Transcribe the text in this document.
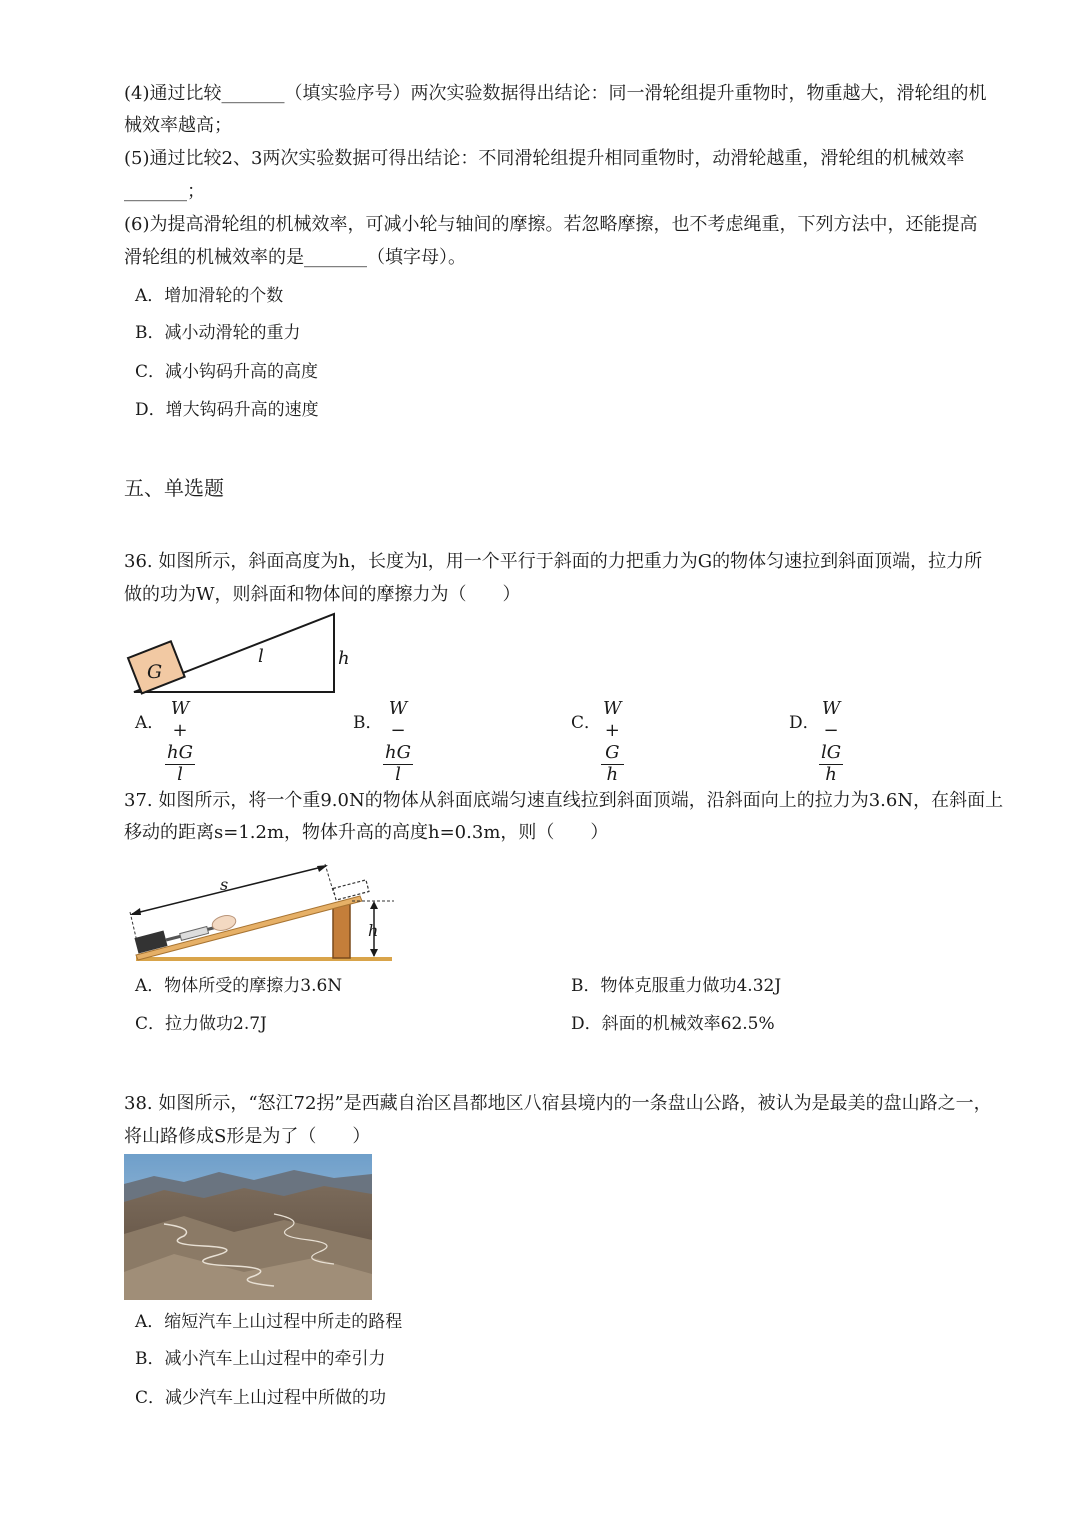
(4)通过比较_______（填实验序号）两次实验数据得出结论：同一滑轮组提升重物时，物重越大，滑轮组的机
械效率越高；
(5)通过比较2、3两次实验数据可得出结论：不同滑轮组提升相同重物时，动滑轮越重，滑轮组的机械效率
_______；
(6)为提高滑轮组的机械效率，可减小轮与轴间的摩擦。若忽略摩擦，也不考虑绳重，下列方法中，还能提高
滑轮组的机械效率的是_______（填字母）。
A．增加滑轮的个数
B．减小动滑轮的重力
C．减小钩码升高的高度
D．增大钩码升高的速度
五、单选题
36. 如图所示，斜面高度为h，长度为l，用一个平行于斜面的力把重力为G的物体匀速拉到斜面顶端，拉力所
做的功为W，则斜面和物体间的摩擦力为（　　）
G
l	h
A． $\frac{W + hG}{l}$	B． $\frac{W - hG}{l}$	C． $\frac{W + G}{h}$	D． $\frac{W - lG}{h}$
37. 如图所示，将一个重9.0N的物体从斜面底端匀速直线拉到斜面顶端，沿斜面向上的拉力为3.6N，在斜面上
移动的距离s=1.2m，物体升高的高度h=0.3m，则（　　）
s
h
A．物体所受的摩擦力3.6N	B．物体克服重力做功4.32J
C．拉力做功2.7J	D．斜面的机械效率62.5%
38. 如图所示，“怒江72拐”是西藏自治区昌都地区八宿县境内的一条盘山公路，被认为是最美的盘山路之一，
将山路修成S形是为了（　　）
A．缩短汽车上山过程中所走的路程
B．减小汽车上山过程中的牵引力
C．减少汽车上山过程中所做的功
